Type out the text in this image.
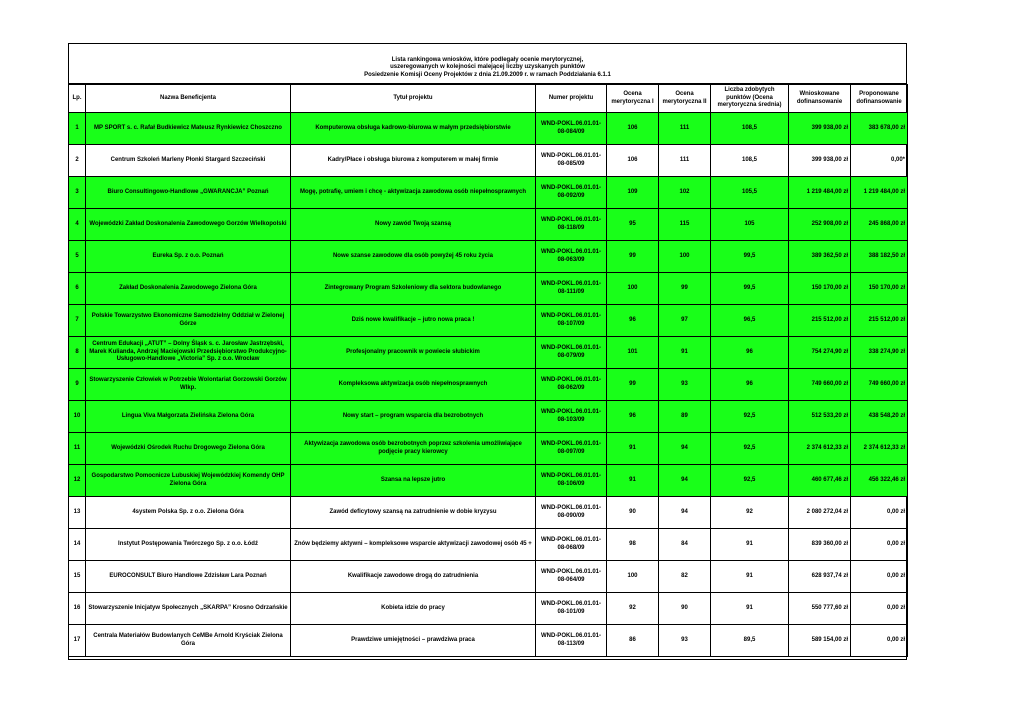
Lista rankingowa wniosków, które podlegały ocenie merytorycznej,
uszeregowanych w kolejności malejącej liczby uzyskanych punktów
Posiedzenie Komisji Oceny Projektów z dnia 21.09.2009 r. w ramach Poddziałania 6.1.1
Lp.	Nazwa Beneficjenta	Tytuł projektu	Numer projektu	Ocena merytoryczna I	Ocena merytoryczna II	Liczba zdobytych punktów (Ocena merytoryczna średnia)	Wnioskowane dofinansowanie	Proponowane dofinansowanie
1	MP SPORT s. c. Rafał Budkiewicz Mateusz Rynkiewicz Choszczno	Komputerowa obsługa kadrowo-biurowa w małym przedsiębiorstwie	WND-POKL.06.01.01-08-084/09	106	111	108,5	399 938,00 zł	383 678,00 zł
2	Centrum Szkoleń Marleny Płonki Stargard Szczeciński	Kadry/Płace i obsługa biurowa z komputerem w małej firmie	WND-POKL.06.01.01-08-085/09	106	111	108,5	399 938,00 zł	0,00*
3	Biuro Consultingowo-Handlowe „GWARANCJA” Poznań	Mogę, potrafię, umiem i chcę - aktywizacja zawodowa osób niepełnosprawnych	WND-POKL.06.01.01-08-092/09	109	102	105,5	1 219 484,00 zł	1 219 484,00 zł
4	Wojewódzki Zakład Doskonalenia Zawodowego Gorzów Wielkopolski	Nowy zawód Twoją szansą	WND-POKL.06.01.01-08-118/09	95	115	105	252 908,00 zł	245 868,00 zł
5	Eureka Sp. z o.o. Poznań	Nowe szanse zawodowe dla osób powyżej 45 roku życia	WND-POKL.06.01.01-08-063/09	99	100	99,5	389 362,50 zł	388 182,50 zł
6	Zakład Doskonalenia Zawodowego Zielona Góra	Zintegrowany Program Szkoleniowy dla sektora budowlanego	WND-POKL.06.01.01-08-111/09	100	99	99,5	150 170,00 zł	150 170,00 zł
7	Polskie Towarzystwo Ekonomiczne Samodzielny Oddział w Zielonej Górze	Dziś nowe kwalifikacje – jutro nowa praca !	WND-POKL.06.01.01-08-107/09	96	97	96,5	215 512,00 zł	215 512,00 zł
8	Centrum Edukacji „ATUT” – Dolny Śląsk s. c. Jarosław Jastrzębski, Marek Kulianda, Andrzej Maciejowski Przedsiębiorstwo Produkcyjno-Usługowo-Handlowe „Victoria” Sp. z o.o. Wrocław	Profesjonalny pracownik w powiecie słubickim	WND-POKL.06.01.01-08-079/09	101	91	96	754 274,90 zł	338 274,90 zł
9	Stowarzyszenie Człowiek w Potrzebie Wolontariat Gorzowski Gorzów Wlkp.	Kompleksowa aktywizacja osób niepełnosprawnych	WND-POKL.06.01.01-08-062/09	99	93	96	749 660,00 zł	749 660,00 zł
10	Lingua Viva Małgorzata Zielińska Zielona Góra	Nowy start – program wsparcia dla bezrobotnych	WND-POKL.06.01.01-08-103/09	96	89	92,5	512 533,20 zł	438 548,20 zł
11	Wojewódzki Ośrodek Ruchu Drogowego Zielona Góra	Aktywizacja zawodowa osób bezrobotnych poprzez szkolenia umożliwiające podjęcie pracy kierowcy	WND-POKL.06.01.01-08-097/09	91	94	92,5	2 374 612,33 zł	2 374 612,33 zł
12	Gospodarstwo Pomocnicze Lubuskiej Wojewódzkiej Komendy OHP Zielona Góra	Szansa na lepsze jutro	WND-POKL.06.01.01-08-106/09	91	94	92,5	460 677,46 zł	456 322,46 zł
13	4system Polska Sp. z o.o. Zielona Góra	Zawód deficytowy szansą na zatrudnienie w dobie kryzysu	WND-POKL.06.01.01-08-090/09	90	94	92	2 080 272,04 zł	0,00 zł
14	Instytut Postępowania Twórczego Sp. z o.o. Łódź	Znów będziemy aktywni – kompleksowe wsparcie aktywizacji zawodowej osób 45 +	WND-POKL.06.01.01-08-068/09	98	84	91	839 360,00 zł	0,00 zł
15	EUROCONSULT Biuro Handlowe Zdzisław Lara Poznań	Kwalifikacje zawodowe drogą do zatrudnienia	WND-POKL.06.01.01-08-064/09	100	82	91	628 937,74 zł	0,00 zł
16	Stowarzyszenie Inicjatyw Społecznych „SKARPA” Krosno Odrzańskie	Kobieta idzie do pracy	WND-POKL.06.01.01-08-101/09	92	90	91	550 777,60 zł	0,00 zł
17	Centrala Materiałów Budowlanych CeMBe Arnold Kryściak Zielona Góra	Prawdziwe umiejętności – prawdziwa praca	WND-POKL.06.01.01-08-113/09	86	93	89,5	589 154,00 zł	0,00 zł
